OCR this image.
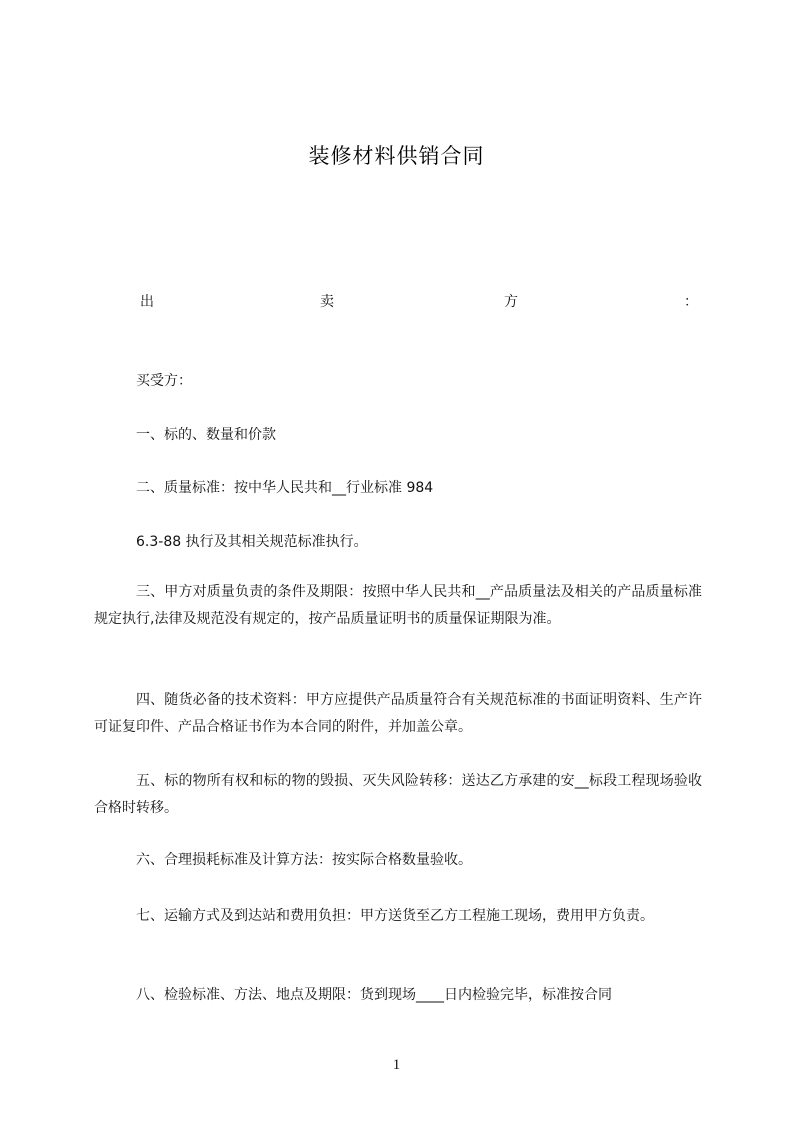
装修材料供销合同
出	卖	方	：
买受方：
一、标的、数量和价款
二、质量标准：按中华人民共和__行业标准 984
6.3-88 执行及其相关规范标准执行。
三、甲方对质量负责的条件及期限：按照中华人民共和__产品质量法及相关的产品质量标准规定执行,法律及规范没有规定的，按产品质量证明书的质量保证期限为准。
四、随货必备的技术资料：甲方应提供产品质量符合有关规范标准的书面证明资料、生产许可证复印件、产品合格证书作为本合同的附件，并加盖公章。
五、标的物所有权和标的物的毁损、灭失风险转移：送达乙方承建的安__标段工程现场验收合格时转移。
六、合理损耗标准及计算方法：按实际合格数量验收。
七、运输方式及到达站和费用负担：甲方送货至乙方工程施工现场，费用甲方负责。
八、检验标准、方法、地点及期限：货到现场____日内检验完毕，标准按合同
1
